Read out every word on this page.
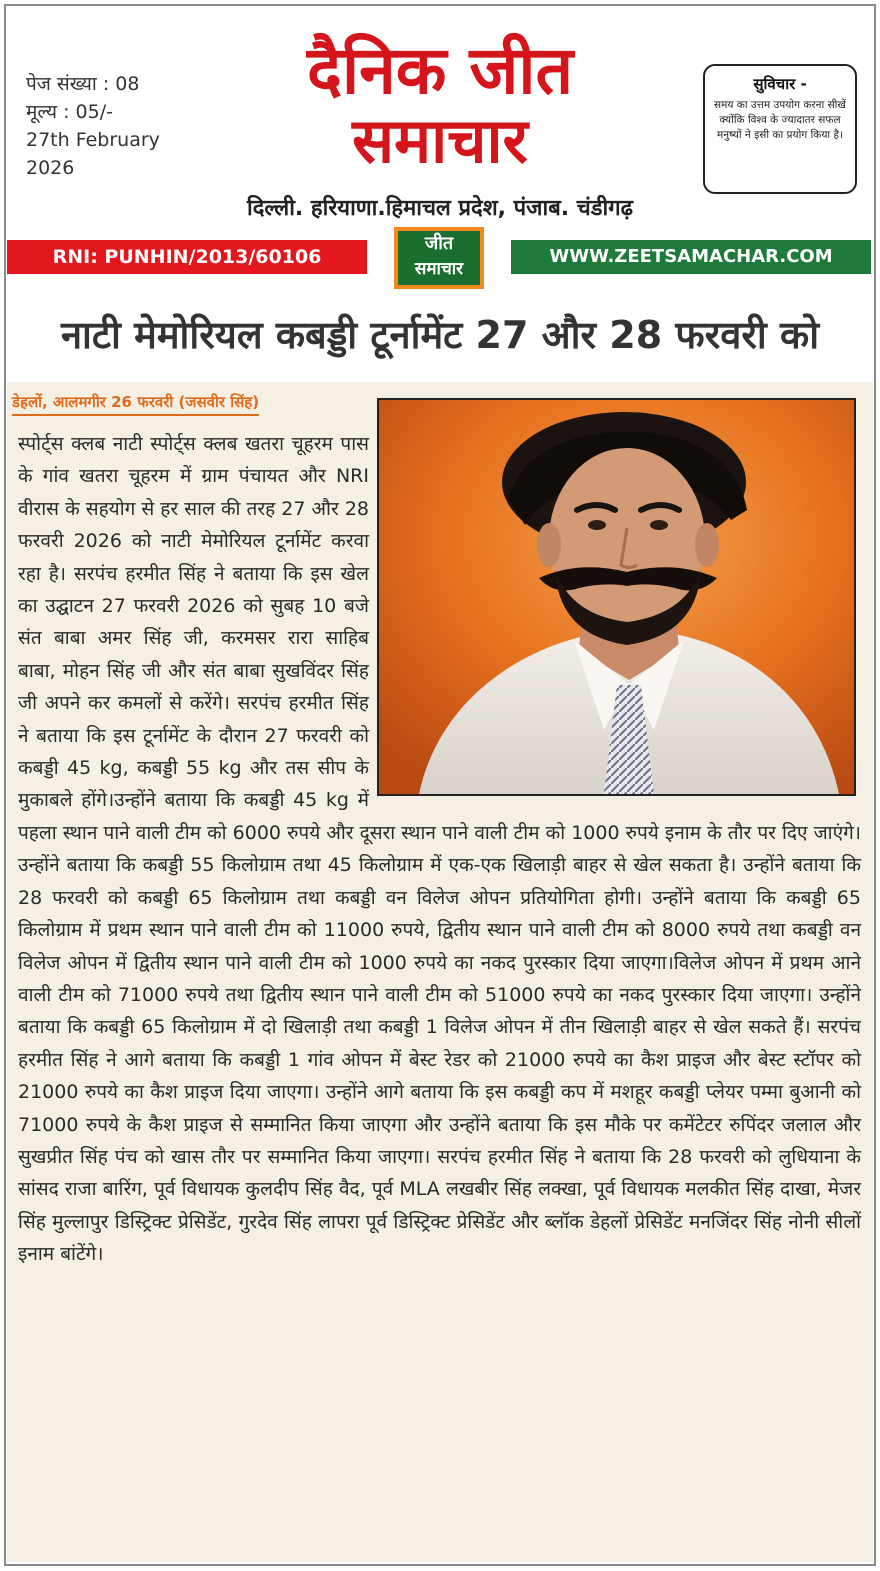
पेज संख्या : 08
मूल्य : 05/-
27th February
2026
दैनिक जीत
समाचार
दिल्ली. हरियाणा.हिमाचल प्रदेश, पंजाब. चंडीगढ़
सुविचार -
समय का उत्तम उपयोग करना सीखें क्योंकि विश्व के ज्यादातर सफल मनुष्यों ने इसी का प्रयोग किया है।
RNI: PUNHIN/2013/60106
जीत
समाचार
WWW.ZEETSAMACHAR.COM
नाटी मेमोरियल कबड्डी टूर्नामेंट 27 और 28 फरवरी को
डेहलों, आलमगीर 26 फरवरी (जसवीर सिंह)
स्पोर्ट्स क्लब नाटी स्पोर्ट्स क्लब खतरा चूहरम पास के गांव खतरा चूहरम में ग्राम पंचायत और NRI वीरास के सहयोग से हर साल की तरह 27 और 28 फरवरी 2026 को नाटी मेमोरियल टूर्नामेंट करवा रहा है। सरपंच हरमीत सिंह ने बताया कि इस खेल का उद्घाटन 27 फरवरी 2026 को सुबह 10 बजे संत बाबा अमर सिंह जी, करमसर रारा साहिब बाबा, मोहन सिंह जी और संत बाबा सुखविंदर सिंह जी अपने कर कमलों से करेंगे। सरपंच हरमीत सिंह ने बताया कि इस टूर्नामेंट के दौरान 27 फरवरी को कबड्डी 45 kg, कबड्डी 55 kg और तस सीप के मुकाबले होंगे।उन्होंने बताया कि कबड्डी 45 kg में पहला स्थान पाने वाली टीम को 6000 रुपये और दूसरा स्थान पाने वाली टीम को 1000 रुपये इनाम के तौर पर दिए जाएंगे। उन्होंने बताया कि कबड्डी 55 किलोग्राम तथा 45 किलोग्राम में एक-एक खिलाड़ी बाहर से खेल सकता है। उन्होंने बताया कि 28 फरवरी को कबड्डी 65 किलोग्राम तथा कबड्डी वन विलेज ओपन प्रतियोगिता होगी। उन्होंने बताया कि कबड्डी 65 किलोग्राम में प्रथम स्थान पाने वाली टीम को 11000 रुपये, द्वितीय स्थान पाने वाली टीम को 8000 रुपये तथा कबड्डी वन विलेज ओपन में द्वितीय स्थान पाने वाली टीम को 1000 रुपये का नकद पुरस्कार दिया जाएगा।विलेज ओपन में प्रथम आने वाली टीम को 71000 रुपये तथा द्वितीय स्थान पाने वाली टीम को 51000 रुपये का नकद पुरस्कार दिया जाएगा। उन्होंने बताया कि कबड्डी 65 किलोग्राम में दो खिलाड़ी तथा कबड्डी 1 विलेज ओपन में तीन खिलाड़ी बाहर से खेल सकते हैं। सरपंच हरमीत सिंह ने आगे बताया कि कबड्डी 1 गांव ओपन में बेस्ट रेडर को 21000 रुपये का कैश प्राइज और बेस्ट स्टॉपर को 21000 रुपये का कैश प्राइज दिया जाएगा। उन्होंने आगे बताया कि इस कबड्डी कप में मशहूर कबड्डी प्लेयर पम्मा बुआनी को 71000 रुपये के कैश प्राइज से सम्मानित किया जाएगा और उन्होंने बताया कि इस मौके पर कमेंटेटर रुपिंदर जलाल और सुखप्रीत सिंह पंच को खास तौर पर सम्मानित किया जाएगा। सरपंच हरमीत सिंह ने बताया कि 28 फरवरी को लुधियाना के सांसद राजा बारिंग, पूर्व विधायक कुलदीप सिंह वैद, पूर्व MLA लखबीर सिंह लक्खा, पूर्व विधायक मलकीत सिंह दाखा, मेजर सिंह मुल्लापुर डिस्ट्रिक्ट प्रेसिडेंट, गुरदेव सिंह लापरा पूर्व डिस्ट्रिक्ट प्रेसिडेंट और ब्लॉक डेहलों प्रेसिडेंट मनजिंदर सिंह नोनी सीलों इनाम बांटेंगे।
